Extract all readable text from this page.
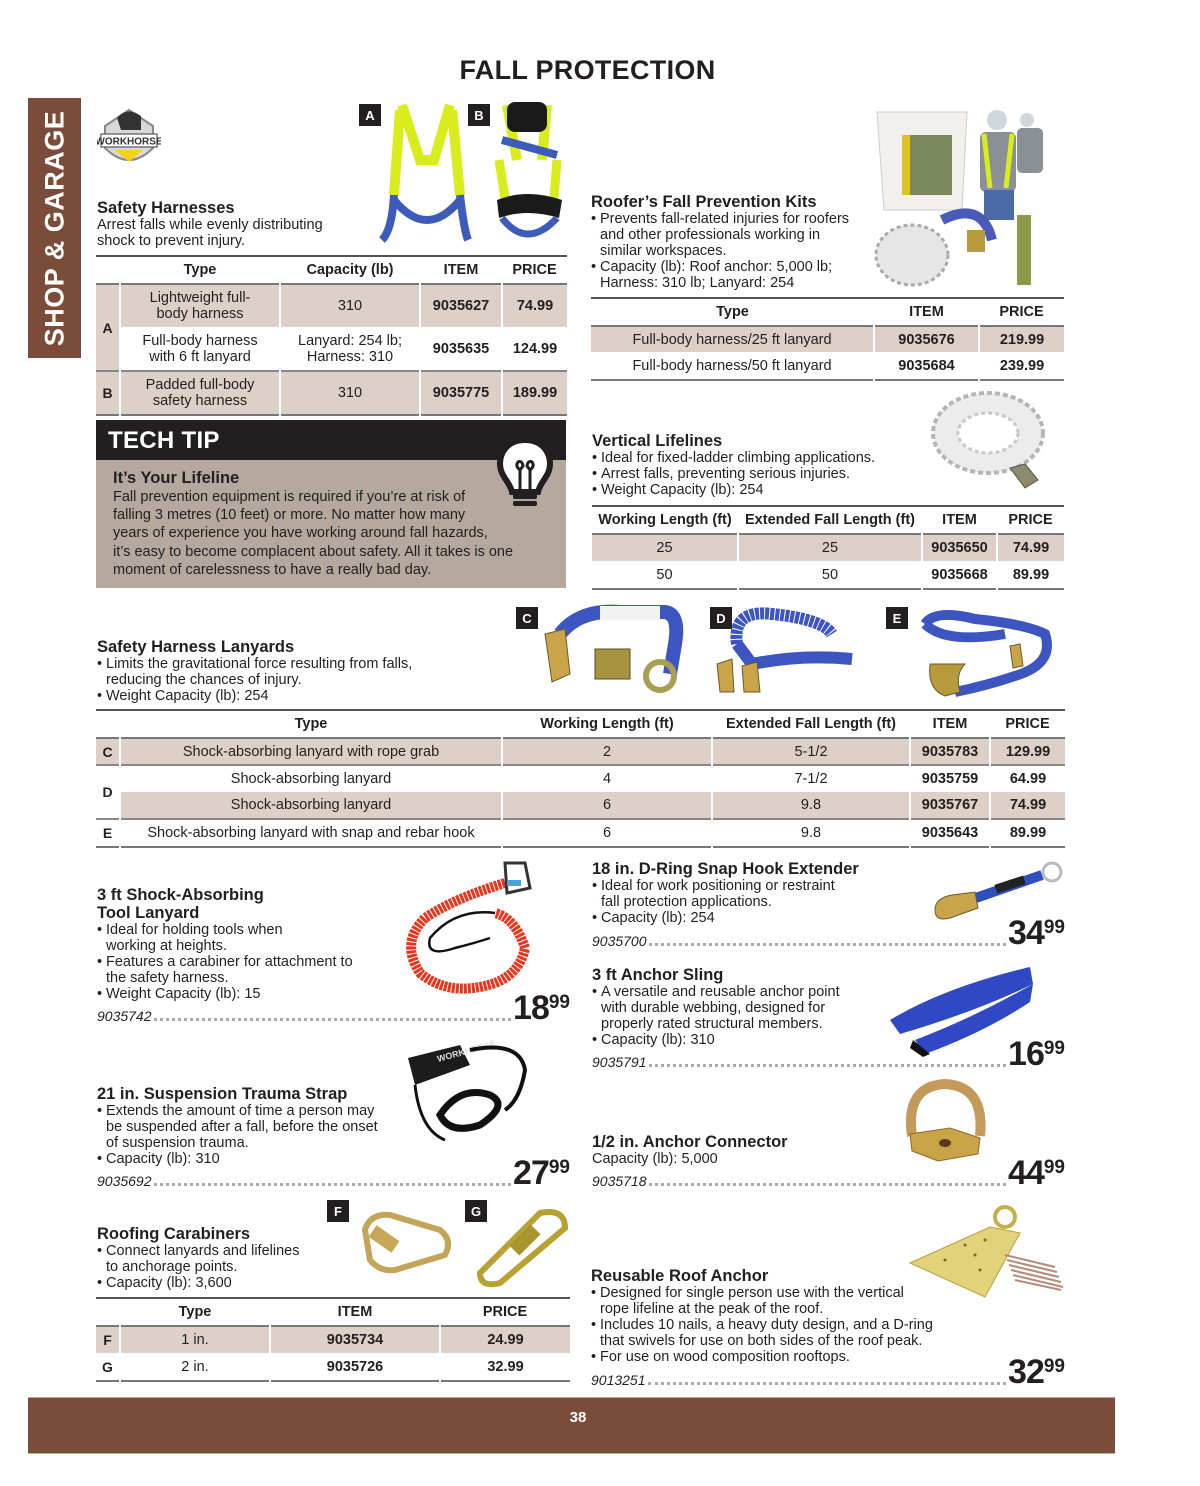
FALL PROTECTION
SHOP & GARAGE	WORKHORSE
A	B
Safety Harnesses
Arrest falls while evenly distributing shock to prevent injury.
	Type	Capacity (lb)	ITEM	PRICE
A	Lightweight full-body harness	310	9035627	74.99
	Full-body harness with 6 ft lanyard	Lanyard: 254 lb; Harness: 310	9035635	124.99
B	Padded full-body safety harness	310	9035775	189.99
TECH TIP
It’s Your Lifeline
Fall prevention equipment is required if you’re at risk of
falling 3 metres (10 feet) or more. No matter how many
years of experience you have working around fall hazards,
it’s easy to become complacent about safety. All it takes is one
moment of carelessness to have a really bad day.
Roofer’s Fall Prevention Kits
• Prevents fall-related injuries for roofers and other professionals working in similar workspaces.
• Capacity (lb): Roof anchor: 5,000 lb; Harness: 310 lb; Lanyard: 254
Type	ITEM	PRICE
Full-body harness/25 ft lanyard	9035676	219.99
Full-body harness/50 ft lanyard	9035684	239.99
Vertical Lifelines
• Ideal for fixed-ladder climbing applications.
• Arrest falls, preventing serious injuries.
• Weight Capacity (lb): 254
Working Length (ft)	Extended Fall Length (ft)	ITEM	PRICE
25	25	9035650	74.99
50	50	9035668	89.99
C	D	E
Safety Harness Lanyards
• Limits the gravitational force resulting from falls, reducing the chances of injury.
• Weight Capacity (lb): 254
	Type	Working Length (ft)	Extended Fall Length (ft)	ITEM	PRICE
C	Shock-absorbing lanyard with rope grab	2	5-1/2	9035783	129.99
D	Shock-absorbing lanyard	4	7-1/2	9035759	64.99
	Shock-absorbing lanyard	6	9.8	9035767	74.99
E	Shock-absorbing lanyard with snap and rebar hook	6	9.8	9035643	89.99
3 ft Shock-Absorbing
Tool Lanyard
• Ideal for holding tools when working at heights.
• Features a carabiner for attachment to the safety harness.
• Weight Capacity (lb): 15
9035742	$18^{99}$
WORKHORSE
21 in. Suspension Trauma Strap
• Extends the amount of time a person may be suspended after a fall, before the onset of suspension trauma.
• Capacity (lb): 310
9035692	$27^{99}$
F	G
Roofing Carabiners
• Connect lanyards and lifelines to anchorage points.
• Capacity (lb): 3,600
	Type	ITEM	PRICE
F	1 in.	9035734	24.99
G	2 in.	9035726	32.99
18 in. D-Ring Snap Hook Extender
• Ideal for work positioning or restraint fall protection applications.
• Capacity (lb): 254
9035700	$34^{99}$
3 ft Anchor Sling
• A versatile and reusable anchor point with durable webbing, designed for properly rated structural members.
• Capacity (lb): 310
9035791	$16^{99}$
1/2 in. Anchor Connector
Capacity (lb): 5,000
9035718	$44^{99}$
Reusable Roof Anchor
• Designed for single person use with the vertical rope lifeline at the peak of the roof.
• Includes 10 nails, a heavy duty design, and a D-ring that swivels for use on both sides of the roof peak.
• For use on wood composition rooftops.
9013251	$32^{99}$
38
